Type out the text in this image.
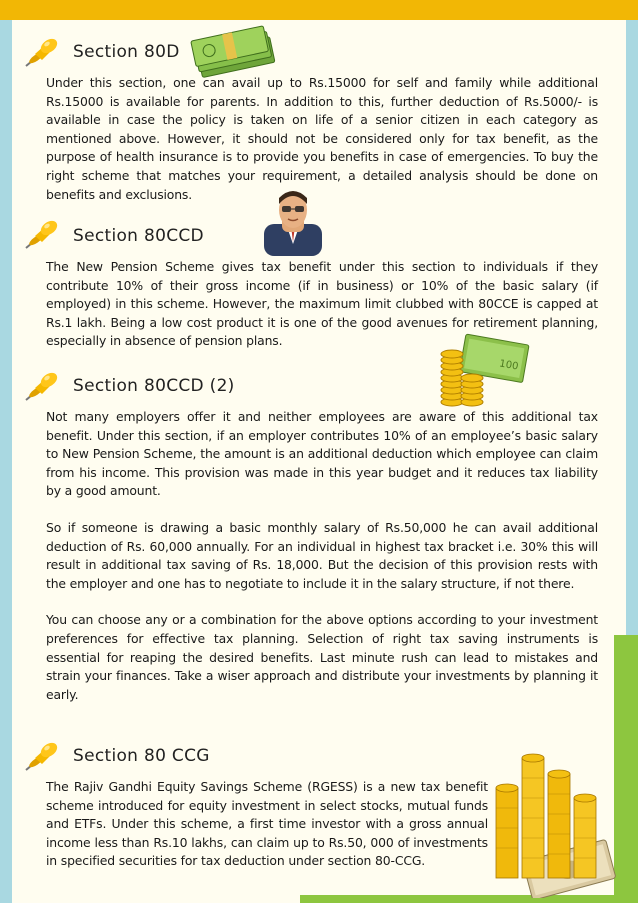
100
Section 80D

Under this section, one can avail up to Rs.15000 for self and family while additional Rs.15000 is available for parents. In addition to this, further deduction of Rs.5000/- is available in case the policy is taken on life of a senior citizen in each category as mentioned above. However, it should not be considered only for tax benefit, as the purpose of health insurance is to provide you benefits in case of emergencies. To buy the right scheme that matches your requirement, a detailed analysis should be done on benefits and exclusions.

Section 80CCD

The New Pension Scheme gives tax benefit under this section to individuals if they contribute 10% of their gross income (if in business) or 10% of the basic salary (if employed) in this scheme. However, the maximum limit clubbed with 80CCE is capped at Rs.1 lakh. Being a low cost product it is one of the good avenues for retirement planning, especially in absence of pension plans.

Section 80CCD (2)

Not many employers offer it and neither employees are aware of this additional tax benefit. Under this section, if an employer contributes 10% of an employee’s basic salary to New Pension Scheme, the amount is an additional deduction which employee can claim from his income. This provision was made in this year budget and it reduces tax liability by a good amount.

So if someone is drawing a basic monthly salary of Rs.50,000 he can avail additional deduction of Rs. 60,000 annually. For an individual in highest tax bracket i.e. 30% this will result in additional tax saving of Rs. 18,000. But the decision of this provision rests with the employer and one has to negotiate to include it in the salary structure, if not there.

You can choose any or a combination for the above options according to your investment preferences for effective tax planning. Selection of right tax saving instruments is essential for reaping the desired benefits. Last minute rush can lead to mistakes and strain your finances. Take a wiser approach and distribute your investments by planning it early.

Section 80 CCG

The Rajiv Gandhi Equity Savings Scheme (RGESS) is a new tax benefit scheme introduced for equity investment in select stocks, mutual funds and ETFs. Under this scheme, a first time investor with a gross annual income less than Rs.10 lakhs, can claim up to Rs.50, 000 of investments in specified securities for tax deduction under section 80-CCG.
